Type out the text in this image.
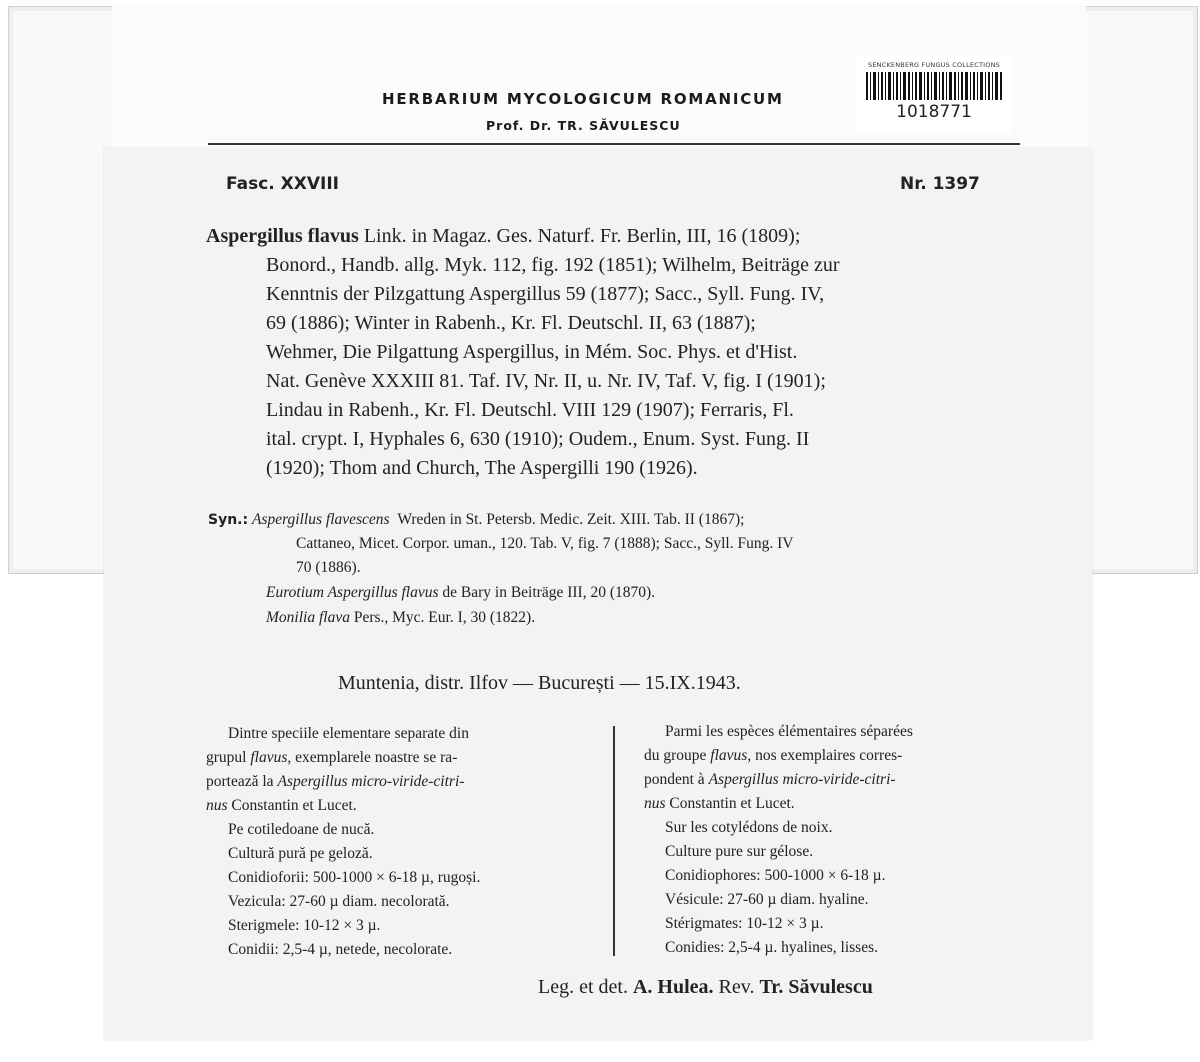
HERBARIUM MYCOLOGICUM ROMANICUM
Prof. Dr. TR. SĂVULESCU
SENCKENBERG FUNGUS COLLECTIONS
1018771
Fasc. XXVIII	Nr. 1397
Aspergillus flavus Link. in Magaz. Ges. Naturf. Fr. Berlin, III, 16 (1809);
Bonord., Handb. allg. Myk. 112, fig. 192 (1851); Wilhelm, Beiträge zur
Kenntnis der Pilzgattung Aspergillus 59 (1877); Sacc., Syll. Fung. IV,
69 (1886); Winter in Rabenh., Kr. Fl. Deutschl. II, 63 (1887);
Wehmer, Die Pilgattung Aspergillus, in Mém. Soc. Phys. et d'Hist.
Nat. Genève XXXIII 81. Taf. IV, Nr. II, u. Nr. IV, Taf. V, fig. I (1901);
Lindau in Rabenh., Kr. Fl. Deutschl. VIII 129 (1907); Ferraris, Fl.
ital. crypt. I, Hyphales 6, 630 (1910); Oudem., Enum. Syst. Fung. II
(1920); Thom and Church, The Aspergilli 190 (1926).
Syn.: Aspergillus flavescens Wreden in St. Petersb. Medic. Zeit. XIII. Tab. II (1867);
Cattaneo, Micet. Corpor. uman., 120. Tab. V, fig. 7 (1888); Sacc., Syll. Fung. IV
70 (1886).
Eurotium Aspergillus flavus de Bary in Beiträge III, 20 (1870).
Monilia flava Pers., Myc. Eur. I, 30 (1822).
Muntenia, distr. Ilfov — București — 15.IX.1943.
Dintre speciile elementare separate din
grupul flavus, exemplarele noastre se ra-
portează la Aspergillus micro-viride-citri-
nus Constantin et Lucet.
Pe cotiledoane de nucă.
Cultură pură pe geloză.
Conidioforii: 500-1000 × 6-18 µ, rugoși.
Vezicula: 27-60 µ diam. necolorată.
Sterigmele: 10-12 × 3 µ.
Conidii: 2,5-4 µ, netede, necolorate.
Parmi les espèces élémentaires séparées
du groupe flavus, nos exemplaires corres-
pondent à Aspergillus micro-viride-citri-
nus Constantin et Lucet.
Sur les cotylédons de noix.
Culture pure sur gélose.
Conidiophores: 500-1000 × 6-18 µ.
Vésicule: 27-60 µ diam. hyaline.
Stérigmates: 10-12 × 3 µ.
Conidies: 2,5-4 µ. hyalines, lisses.
Leg. et det. A. Hulea. Rev. Tr. Săvulescu
